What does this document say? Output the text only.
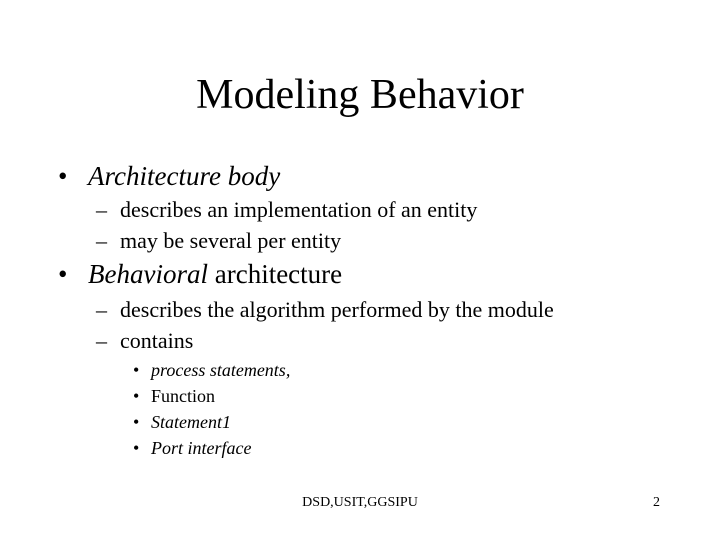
Modeling Behavior
• Architecture body
– describes an implementation of an entity
– may be several per entity
• Behavioral architecture
– describes the algorithm performed by the module
– contains
• process statements,
• Function
• Statement1
• Port interface
DSD,USIT,GGSIPU	2
